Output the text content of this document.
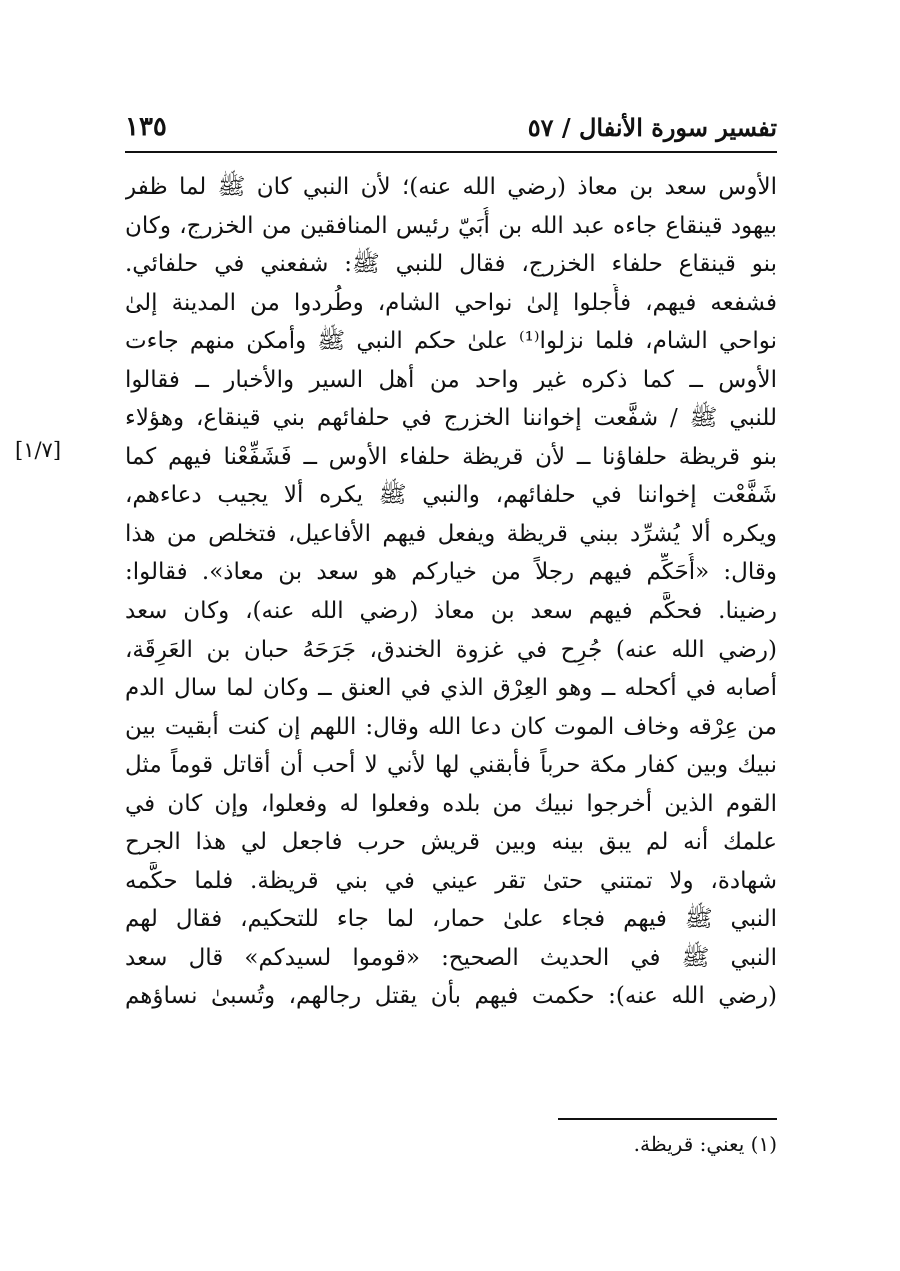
تفسير سورة الأنفال / ٥٧
١٣٥
[١/٧]
الأوس سعد بن معاذ (رضي الله عنه)؛ لأن النبي كان ﷺ لما ظفر
بيهود قينقاع جاءه عبد الله بن أُبَيّ رئيس المنافقين من الخزرج، وكان
بنو قينقاع حلفاء الخزرج، فقال للنبي ﷺ: شفعني في حلفائي.
فشفعه فيهم، فأُجلوا إلىٰ نواحي الشام، وطُردوا من المدينة إلىٰ
نواحي الشام، فلما نزلوا⁽¹⁾ علىٰ حكم النبي ﷺ وأمكن منهم جاءت
الأوس ــ كما ذكره غير واحد من أهل السير والأخبار ــ فقالوا
للنبي ﷺ / شفَّعت إخواننا الخزرج في حلفائهم بني قينقاع، وهؤلاء
بنو قريظة حلفاؤنا ــ لأن قريظة حلفاء الأوس ــ فَشَفِّعْنا فيهم كما
شَفَّعْت إخواننا في حلفائهم، والنبي ﷺ يكره ألا يجيب دعاءهم،
ويكره ألا يُشرِّد ببني قريظة ويفعل فيهم الأفاعيل، فتخلص من هذا
وقال: «أُحَكِّم فيهم رجلاً من خياركم هو سعد بن معاذ». فقالوا:
رضينا. فحكَّم فيهم سعد بن معاذ (رضي الله عنه)، وكان سعد
(رضي الله عنه) جُرِح في غزوة الخندق، جَرَحَهُ حبان بن العَرِقَة،
أصابه في أكحله ــ وهو العِرْق الذي في العنق ــ وكان لما سال الدم
من عِرْقه وخاف الموت كان دعا الله وقال: اللهم إن كنت أبقيت بين
نبيك وبين كفار مكة حرباً فأبقني لها لأني لا أحب أن أقاتل قوماً مثل
القوم الذين أخرجوا نبيك من بلده وفعلوا له وفعلوا، وإن كان في
علمك أنه لم يبق بينه وبين قريش حرب فاجعل لي هذا الجرح
شهادة، ولا تمتني حتىٰ تقر عيني في بني قريظة. فلما حكَّمه
النبي ﷺ فيهم فجاء علىٰ حمار، لما جاء للتحكيم، فقال لهم
النبي ﷺ في الحديث الصحيح: «قوموا لسيدكم» قال سعد
(رضي الله عنه): حكمت فيهم بأن يقتل رجالهم، وتُسبىٰ نساؤهم
(١) يعني: قريظة.
